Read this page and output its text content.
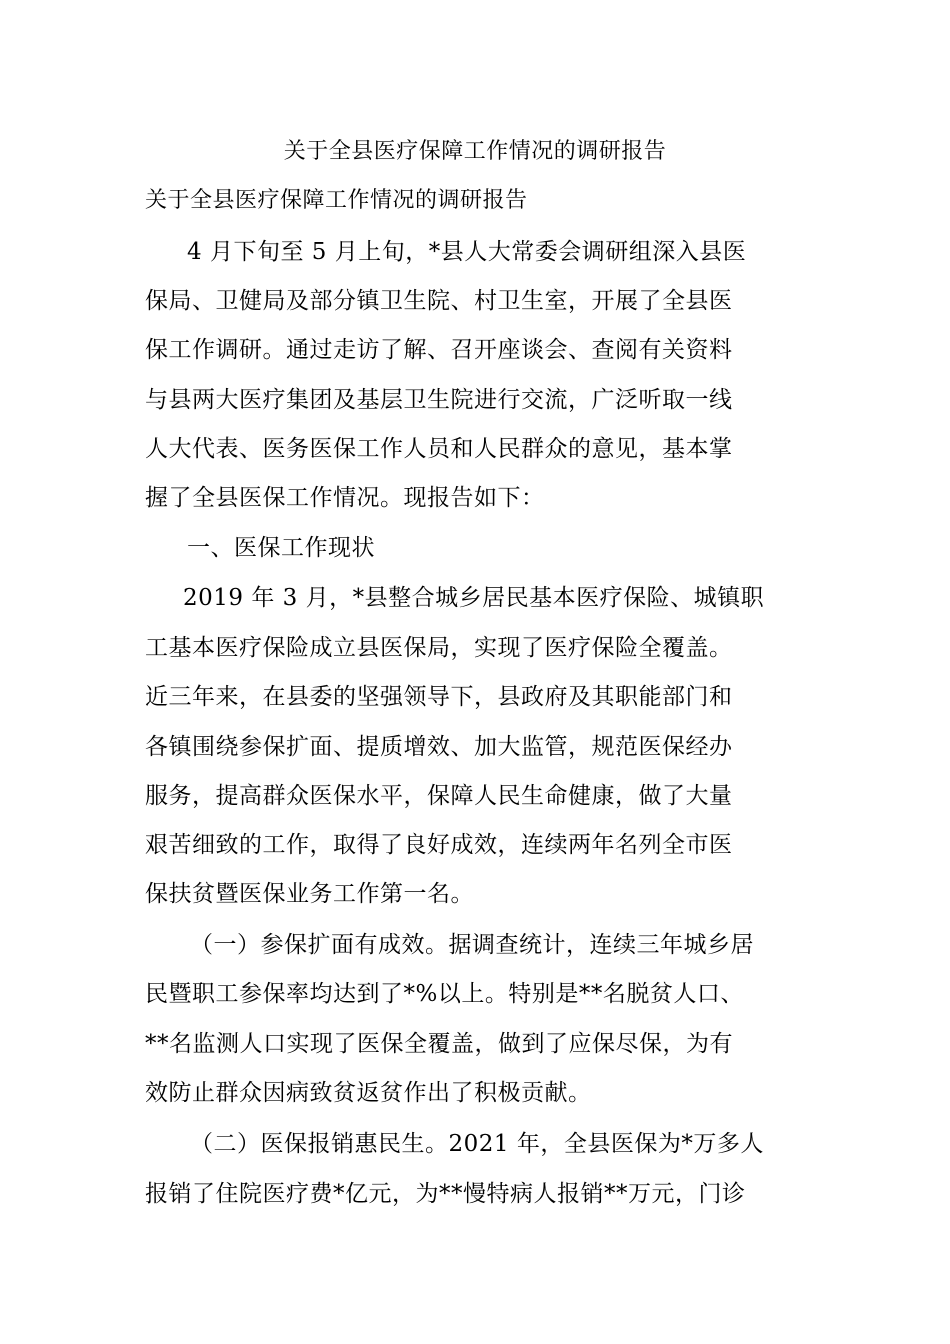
关于全县医疗保障工作情况的调研报告
关于全县医疗保障工作情况的调研报告
4 月下旬至 5 月上旬，*县人大常委会调研组深入县医
保局、卫健局及部分镇卫生院、村卫生室，开展了全县医
保工作调研。通过走访了解、召开座谈会、查阅有关资料
与县两大医疗集团及基层卫生院进行交流，广泛听取一线
人大代表、医务医保工作人员和人民群众的意见，基本掌
握了全县医保工作情况。现报告如下：
一、医保工作现状
2019 年 3 月，*县整合城乡居民基本医疗保险、城镇职
工基本医疗保险成立县医保局，实现了医疗保险全覆盖。
近三年来，在县委的坚强领导下，县政府及其职能部门和
各镇围绕参保扩面、提质增效、加大监管，规范医保经办
服务，提高群众医保水平，保障人民生命健康，做了大量
艰苦细致的工作，取得了良好成效，连续两年名列全市医
保扶贫暨医保业务工作第一名。
（一）参保扩面有成效。据调查统计，连续三年城乡居
民暨职工参保率均达到了*%以上。特别是**名脱贫人口、
**名监测人口实现了医保全覆盖，做到了应保尽保，为有
效防止群众因病致贫返贫作出了积极贡献。
（二）医保报销惠民生。2021 年，全县医保为*万多人
报销了住院医疗费*亿元，为**慢特病人报销**万元，门诊
